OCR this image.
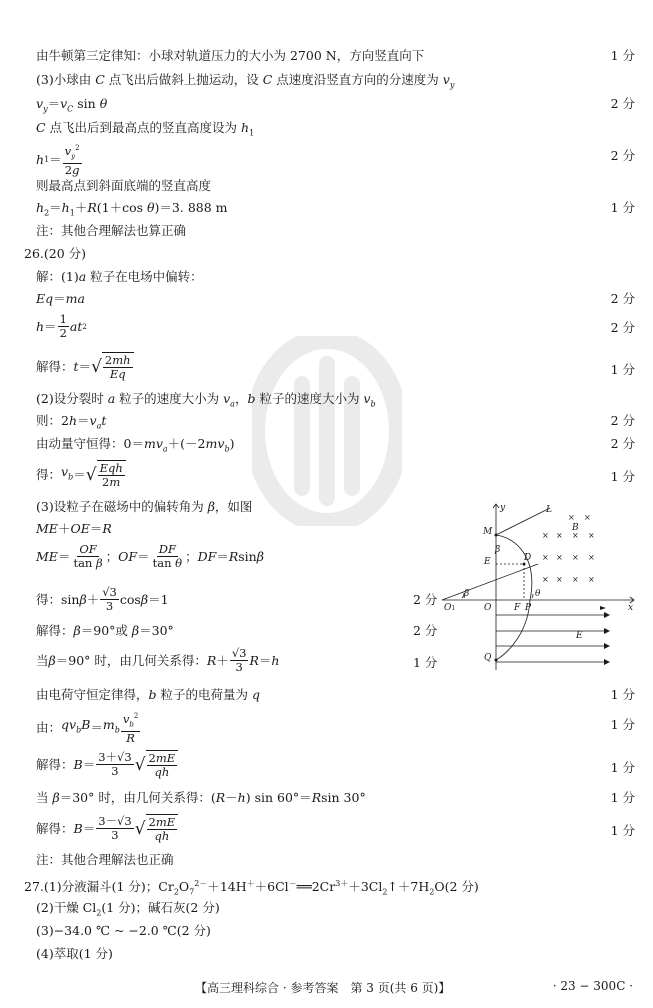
由牛顿第三定律知：小球对轨道压力的大小为 2700 N，方向竖直向下	1 分
(3)小球由 C 点飞出后做斜上抛运动，设 C 点速度沿竖直方向的分速度为 $v_y$
$v_y=v_C$ sin θ	2 分
C 点飞出后到最高点的竖直高度设为 $h_1$
h $1 = \frac{v_y^2}{2g}$	2 分
则最高点到斜面底端的竖直高度
$h_2=h_1+R(1+\cos$ θ)＝3. 888 m	1 分
注：其他合理解法也算正确
26.(20 分)
解：(1)a 粒子在电场中偏转：
Eq＝ma	2 分
$h = \frac{1}{2}$ at 2	2 分
解得： t ＝ √ $\frac{2mh}{Eq}$	1 分
(2)设分裂时 a 粒子的速度大小为 $v_a$，b 粒子的速度大小为 $v_b$
则：$2h=v_at$	2 分
由动量守恒得：$0=mv_a+(-2mv_b)$	2 分
得： $v_b$ ＝ √ $\frac{\text{Eqh}}{2m}$	1 分
(3)设粒子在磁场中的偏转角为 β，如图
ME＋OE＝R
ME ＝ $\frac{OF}{\text{tan β}}$ ； OF ＝ $\frac{DF}{\text{tan θ}}$ ； DF ＝ R sin β
得：$\sin \beta + \frac{√3}{3}$ cos β ＝1	2 分
解得：β＝90°或 β＝30°	2 分
当 β ＝90° 时，由几何关系得： $R + \frac{√3}{3}$ R ＝ h	1 分
由电荷守恒定律得，b 粒子的电荷量为 q	1 分
由： $qv_bB = m_b \frac{v_b^2}{R}$	1 分
解得： $B = \frac{3+√3}{3}$ √ $\frac{2mE}{qh}$	1 分
当 β＝30° 时，由几何关系得：(R－h) sin 60°＝Rsin 30°	1 分
解得： $B = \frac{3-√3}{3}$ √ $\frac{2mE}{qh}$	1 分
注：其他合理解法也正确
27.(1)分液漏斗(1 分)；$Cr_2O_7^{2-}+14H^++6Cl^-══2Cr^{3+}+3Cl_2↑+7H_2O(2$ 分)
(2)干燥 $Cl_2(1$ 分)；碱石灰(2 分)
(3)−34.0 ℃ ~ −2.0 ℃(2 分)
(4)萃取(1 分)
× ×
× × × ×
× × × ×
× × ×
×
y	L
B
M
β
D
E
β	θ
O1	O	F P	x
E
Q
【高三理科综合 · 参考答案　第 3 页(共 6 页)】	· 23 − 300C ·
